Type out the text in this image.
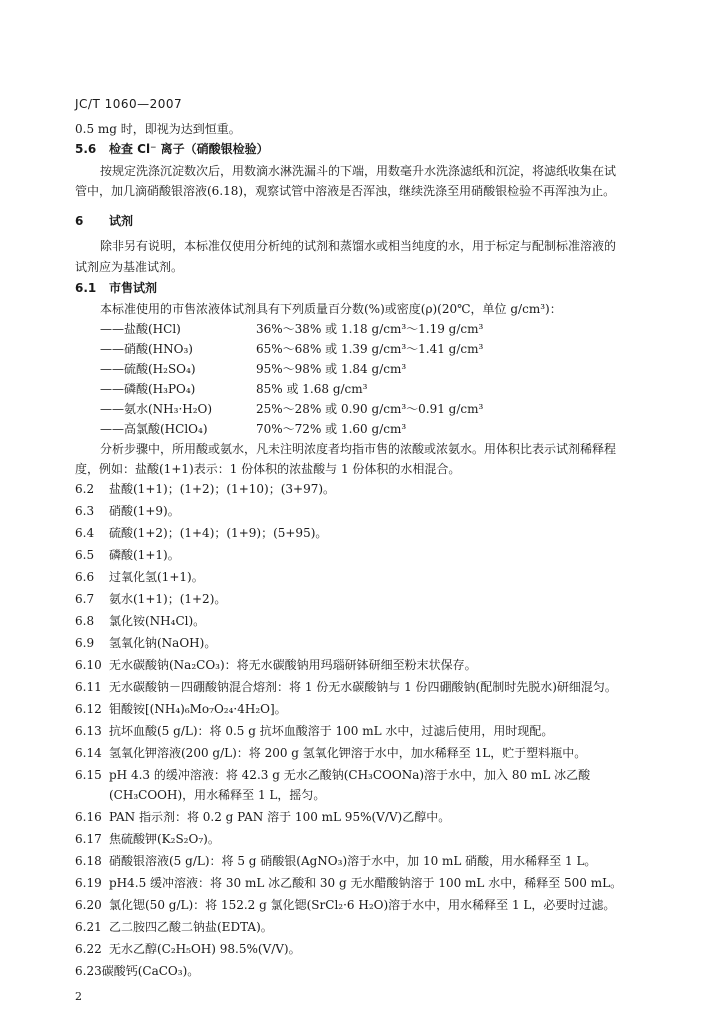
JC/T 1060—2007
0.5 mg 时，即视为达到恒重。
5.6 检查 Cl⁻ 离子（硝酸银检验）
按规定洗涤沉淀数次后，用数滴水淋洗漏斗的下端，用数毫升水洗涤滤纸和沉淀，将滤纸收集在试
管中，加几滴硝酸银溶液(6.18)，观察试管中溶液是否浑浊，继续洗涤至用硝酸银检验不再浑浊为止。
6 试剂
除非另有说明，本标准仅使用分析纯的试剂和蒸馏水或相当纯度的水，用于标定与配制标准溶液的
试剂应为基准试剂。
6.1 市售试剂
本标准使用的市售浓液体试剂具有下列质量百分数(%)或密度(ρ)(20℃，单位 g/cm³)：
——盐酸(HCl)	36%～38% 或 1.18 g/cm³～1.19 g/cm³
——硝酸(HNO₃)	65%～68% 或 1.39 g/cm³～1.41 g/cm³
——硫酸(H₂SO₄)	95%～98% 或 1.84 g/cm³
——磷酸(H₃PO₄)	85% 或 1.68 g/cm³
——氨水(NH₃·H₂O)	25%～28% 或 0.90 g/cm³～0.91 g/cm³
——高氯酸(HClO₄)	70%～72% 或 1.60 g/cm³
分析步骤中，所用酸或氨水，凡未注明浓度者均指市售的浓酸或浓氨水。用体积比表示试剂稀释程
度，例如：盐酸(1+1)表示：1 份体积的浓盐酸与 1 份体积的水相混合。
6.2 盐酸(1+1)；(1+2)；(1+10)；(3+97)。
6.3 硝酸(1+9)。
6.4 硫酸(1+2)；(1+4)；(1+9)；(5+95)。
6.5 磷酸(1+1)。
6.6 过氧化氢(1+1)。
6.7 氨水(1+1)；(1+2)。
6.8 氯化铵(NH₄Cl)。
6.9 氢氧化钠(NaOH)。
6.10 无水碳酸钠(Na₂CO₃)：将无水碳酸钠用玛瑙研钵研细至粉末状保存。
6.11 无水碳酸钠－四硼酸钠混合熔剂：将 1 份无水碳酸钠与 1 份四硼酸钠(配制时先脱水)研细混匀。
6.12 钼酸铵[(NH₄)₆Mo₇O₂₄·4H₂O]。
6.13 抗坏血酸(5 g/L)：将 0.5 g 抗坏血酸溶于 100 mL 水中，过滤后使用，用时现配。
6.14 氢氧化钾溶液(200 g/L)：将 200 g 氢氧化钾溶于水中，加水稀释至 1L，贮于塑料瓶中。
6.15 pH 4.3 的缓冲溶液：将 42.3 g 无水乙酸钠(CH₃COONa)溶于水中，加入 80 mL 冰乙酸
(CH₃COOH)，用水稀释至 1 L，摇匀。
6.16 PAN 指示剂：将 0.2 g PAN 溶于 100 mL 95%(V/V)乙醇中。
6.17 焦硫酸钾(K₂S₂O₇)。
6.18 硝酸银溶液(5 g/L)：将 5 g 硝酸银(AgNO₃)溶于水中，加 10 mL 硝酸，用水稀释至 1 L。
6.19 pH4.5 缓冲溶液：将 30 mL 冰乙酸和 30 g 无水醋酸钠溶于 100 mL 水中，稀释至 500 mL。
6.20 氯化锶(50 g/L)：将 152.2 g 氯化锶(SrCl₂·6 H₂O)溶于水中，用水稀释至 1 L，必要时过滤。
6.21 乙二胺四乙酸二钠盐(EDTA)。
6.22 无水乙醇(C₂H₅OH) 98.5%(V/V)。
6.23碳酸钙(CaCO₃)。
2
